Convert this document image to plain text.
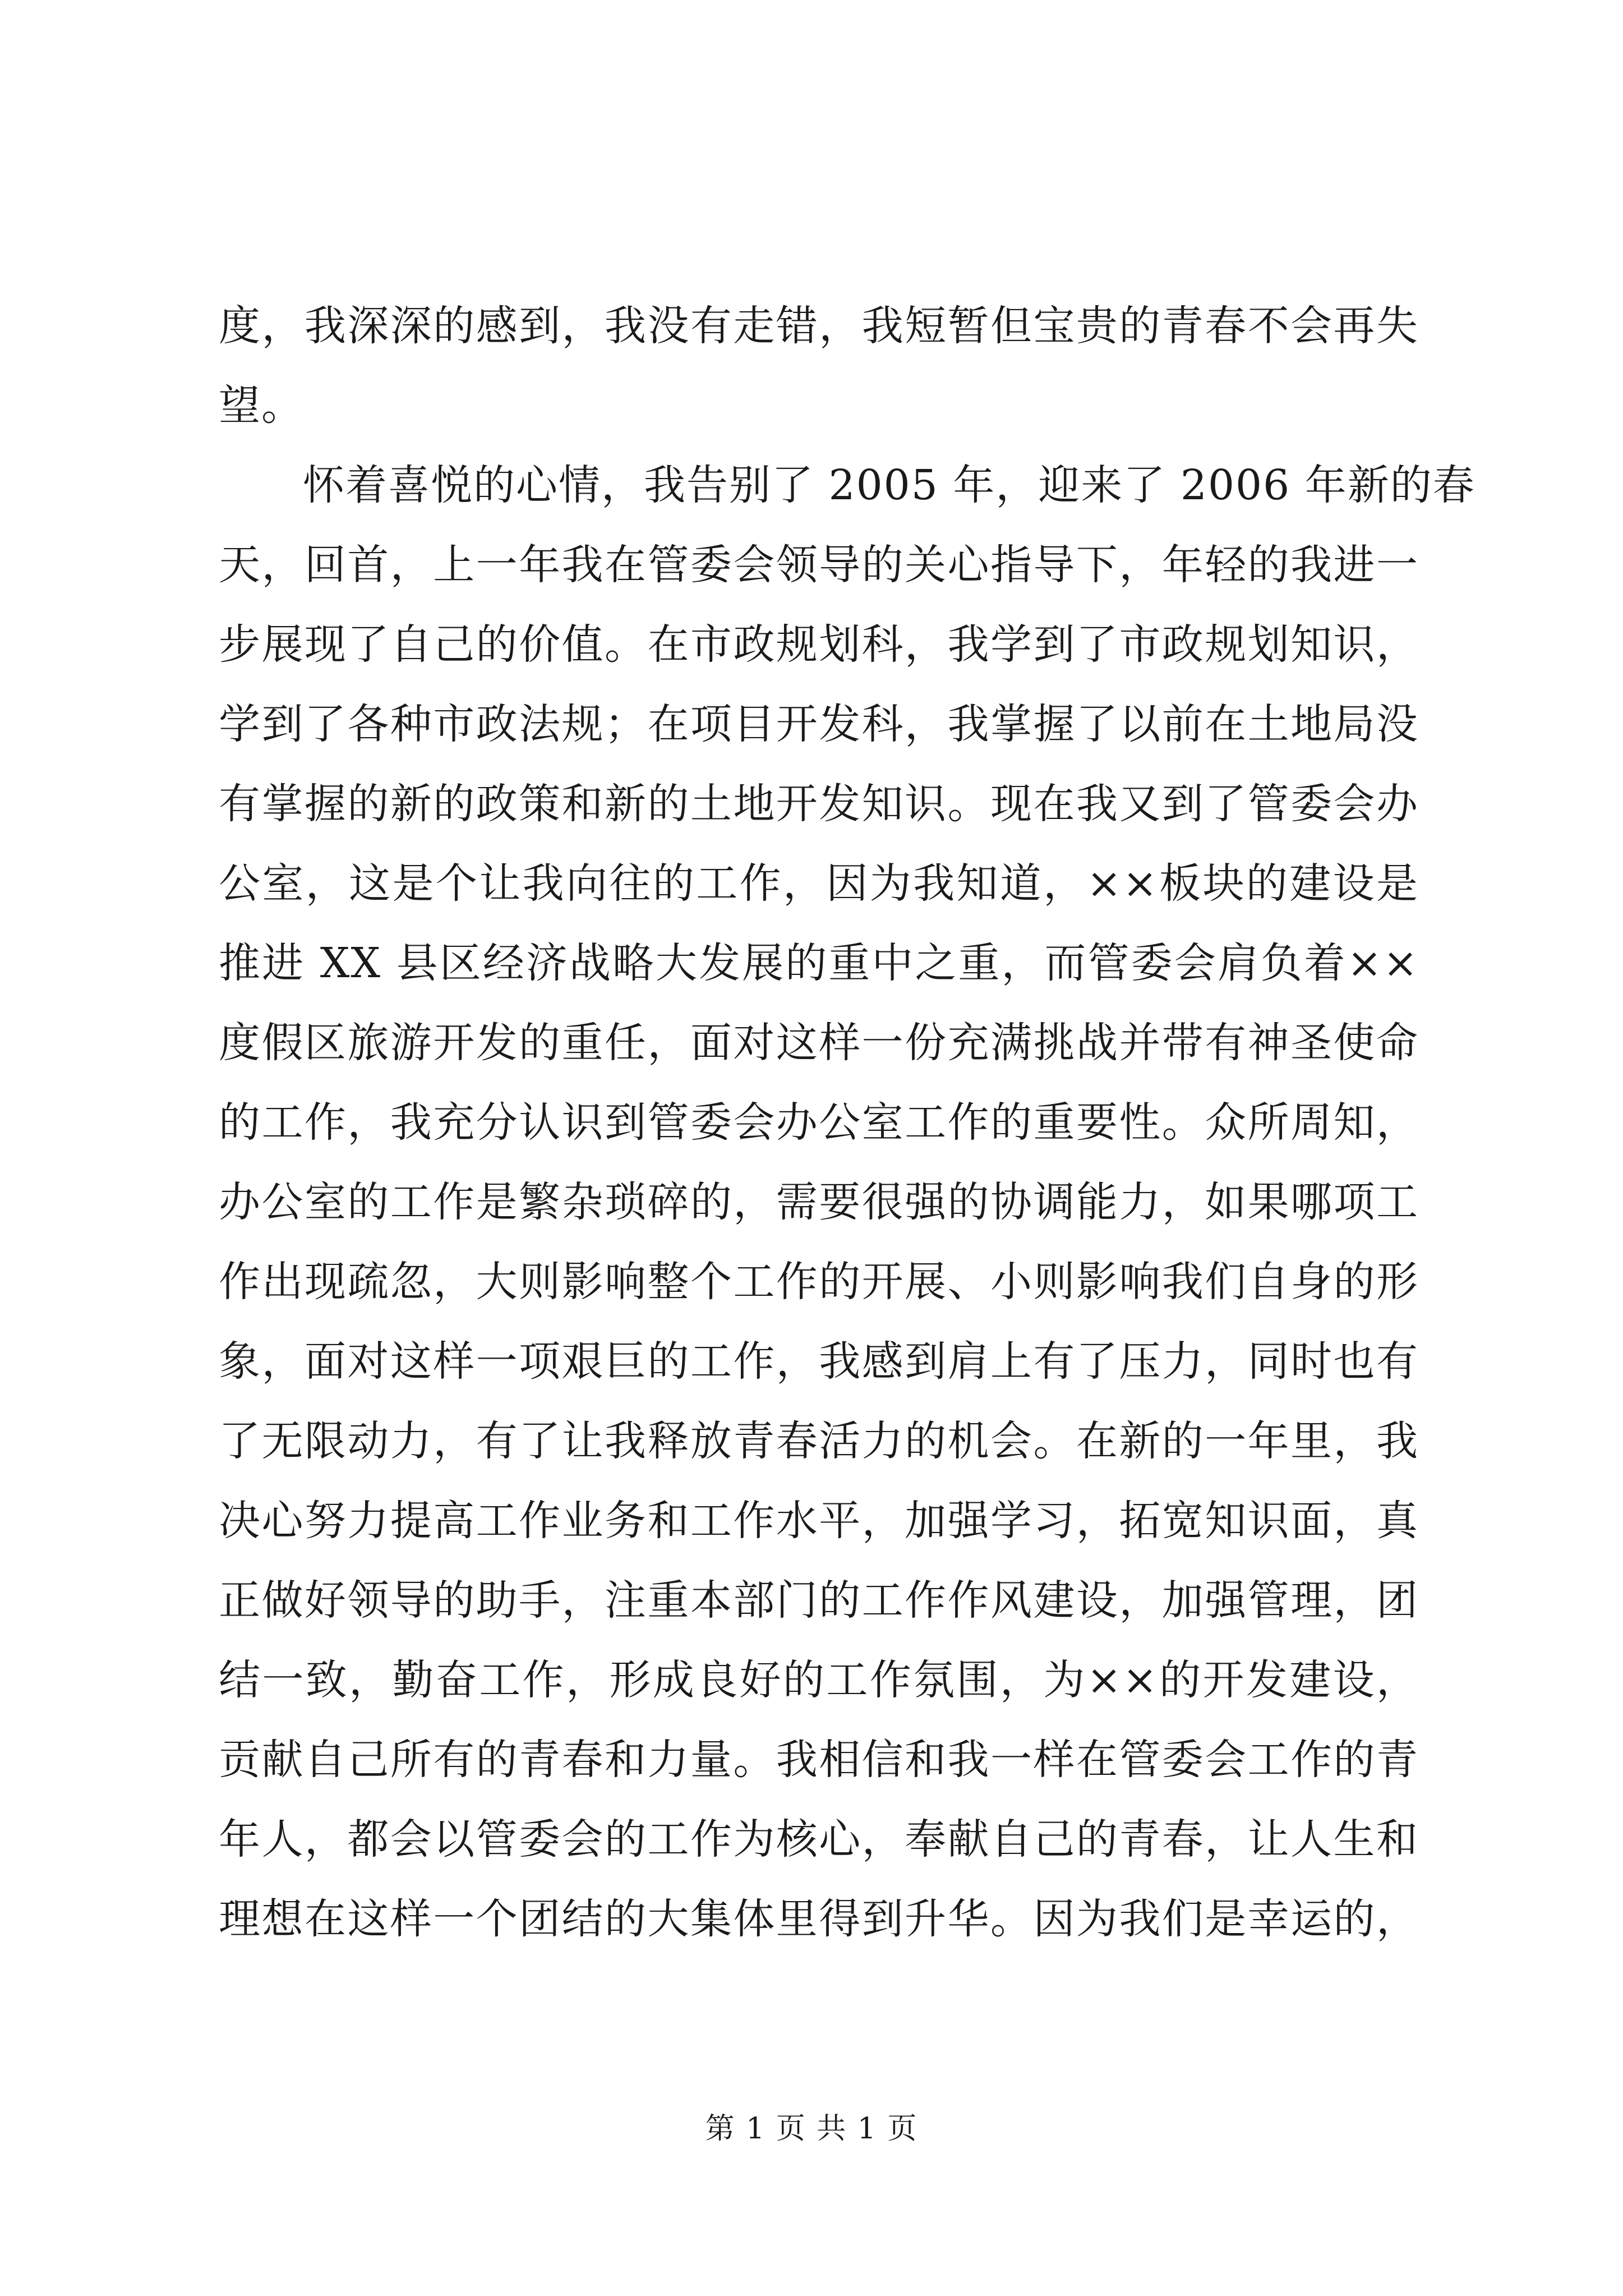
度，我深深的感到，我没有走错，我短暂但宝贵的青春不会再失
望。
怀着喜悦的心情，我告别了 2005 年，迎来了 2006 年新的春
天，回首，上一年我在管委会领导的关心指导下，年轻的我进一
步展现了自己的价值。在市政规划科，我学到了市政规划知识，
学到了各种市政法规；在项目开发科，我掌握了以前在土地局没
有掌握的新的政策和新的土地开发知识。现在我又到了管委会办
公室，这是个让我向往的工作，因为我知道，××板块的建设是
推进 XX 县区经济战略大发展的重中之重，而管委会肩负着××
度假区旅游开发的重任，面对这样一份充满挑战并带有神圣使命
的工作，我充分认识到管委会办公室工作的重要性。众所周知，
办公室的工作是繁杂琐碎的，需要很强的协调能力，如果哪项工
作出现疏忽，大则影响整个工作的开展、小则影响我们自身的形
象，面对这样一项艰巨的工作，我感到肩上有了压力，同时也有
了无限动力，有了让我释放青春活力的机会。在新的一年里，我
决心努力提高工作业务和工作水平，加强学习，拓宽知识面，真
正做好领导的助手，注重本部门的工作作风建设，加强管理，团
结一致，勤奋工作，形成良好的工作氛围，为××的开发建设，
贡献自己所有的青春和力量。我相信和我一样在管委会工作的青
年人，都会以管委会的工作为核心，奉献自己的青春，让人生和
理想在这样一个团结的大集体里得到升华。因为我们是幸运的，
第 1 页 共 1 页
